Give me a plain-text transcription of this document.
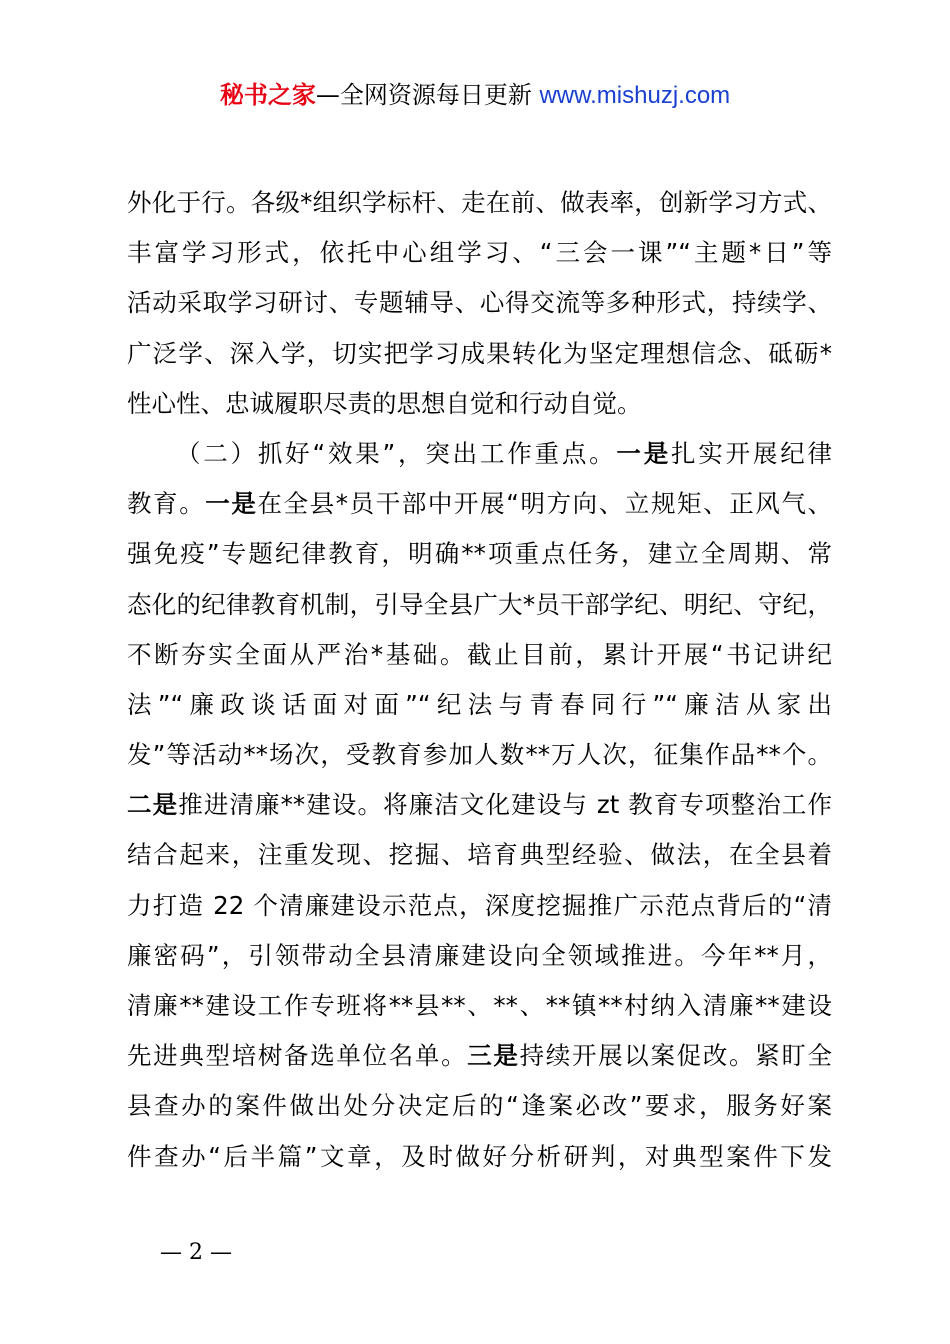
秘书之家—全网资源每日更新 www.mishuzj.com
外化于行。各级*组织学标杆、走在前、做表率，创新学习方式、
丰富学习形式，依托中心组学习、“三会一课”“主题*日”等
活动采取学习研讨、专题辅导、心得交流等多种形式，持续学、
广泛学、深入学，切实把学习成果转化为坚定理想信念、砥砺*
性心性、忠诚履职尽责的思想自觉和行动自觉。
（二）抓好“效果”，突出工作重点。一是扎实开展纪律
教育。一是在全县*员干部中开展“明方向、立规矩、正风气、
强免疫”专题纪律教育，明确**项重点任务，建立全周期、常
态化的纪律教育机制，引导全县广大*员干部学纪、明纪、守纪，
不断夯实全面从严治*基础。截止目前，累计开展“书记讲纪
法”“廉政谈话面对面”“纪法与青春同行”“廉洁从家出
发”等活动**场次，受教育参加人数**万人次，征集作品**个。
二是推进清廉**建设。将廉洁文化建设与 zt 教育专项整治工作
结合起来，注重发现、挖掘、培育典型经验、做法，在全县着
力打造 22 个清廉建设示范点，深度挖掘推广示范点背后的“清
廉密码”，引领带动全县清廉建设向全领域推进。今年**月，
清廉**建设工作专班将**县**、**、**镇**村纳入清廉**建设
先进典型培树备选单位名单。三是持续开展以案促改。紧盯全
县查办的案件做出处分决定后的“逢案必改”要求，服务好案
件查办“后半篇”文章，及时做好分析研判，对典型案件下发
— 2 —
